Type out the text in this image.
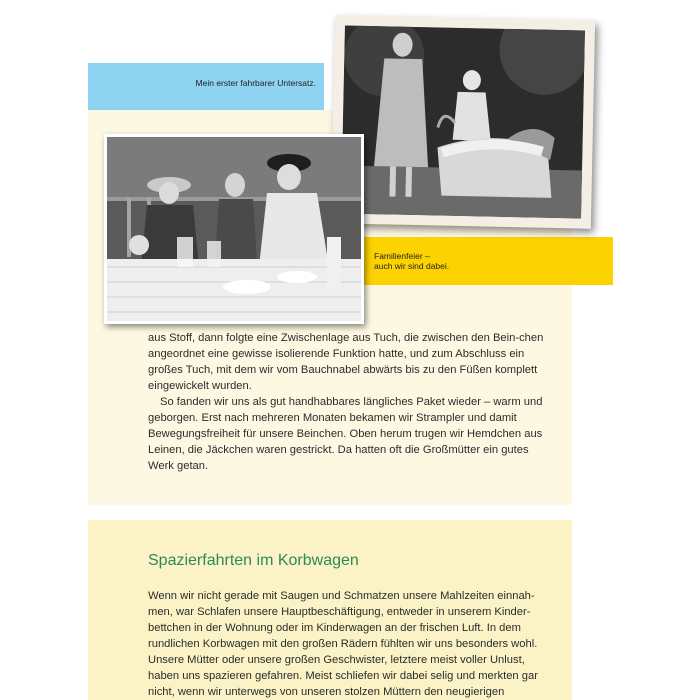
Mein erster fahrbarer Untersatz.
Familienfeier –
auch wir sind dabei.

aus Stoff, dann folgte eine Zwischenlage aus Tuch, die zwischen den Bein-chen angeordnet eine gewisse isolierende Funktion hatte, und zum Abschluss ein großes Tuch, mit dem wir vom Bauchnabel abwärts bis zu den Füßen komplett eingewickelt wurden.

So fanden wir uns als gut handhabbares längliches Paket wieder – warm und geborgen. Erst nach mehreren Monaten bekamen wir Strampler und damit Bewegungsfreiheit für unsere Beinchen. Oben herum trugen wir Hemdchen aus Leinen, die Jäckchen waren gestrickt. Da hatten oft die Großmütter ein gutes Werk getan.

Spazierfahrten im Korbwagen

Wenn wir nicht gerade mit Saugen und Schmatzen unsere Mahlzeiten einnah-men, war Schlafen unsere Hauptbeschäftigung, entweder in unserem Kinder-bettchen in der Wohnung oder im Kinderwagen an der frischen Luft. In dem rundlichen Korbwagen mit den großen Rädern fühlten wir uns besonders wohl. Unsere Mütter oder unsere großen Geschwister, letztere meist voller Unlust, haben uns spazieren gefahren. Meist schliefen wir dabei selig und merkten gar nicht, wenn wir unterwegs von unseren stolzen Müttern den neugierigen
